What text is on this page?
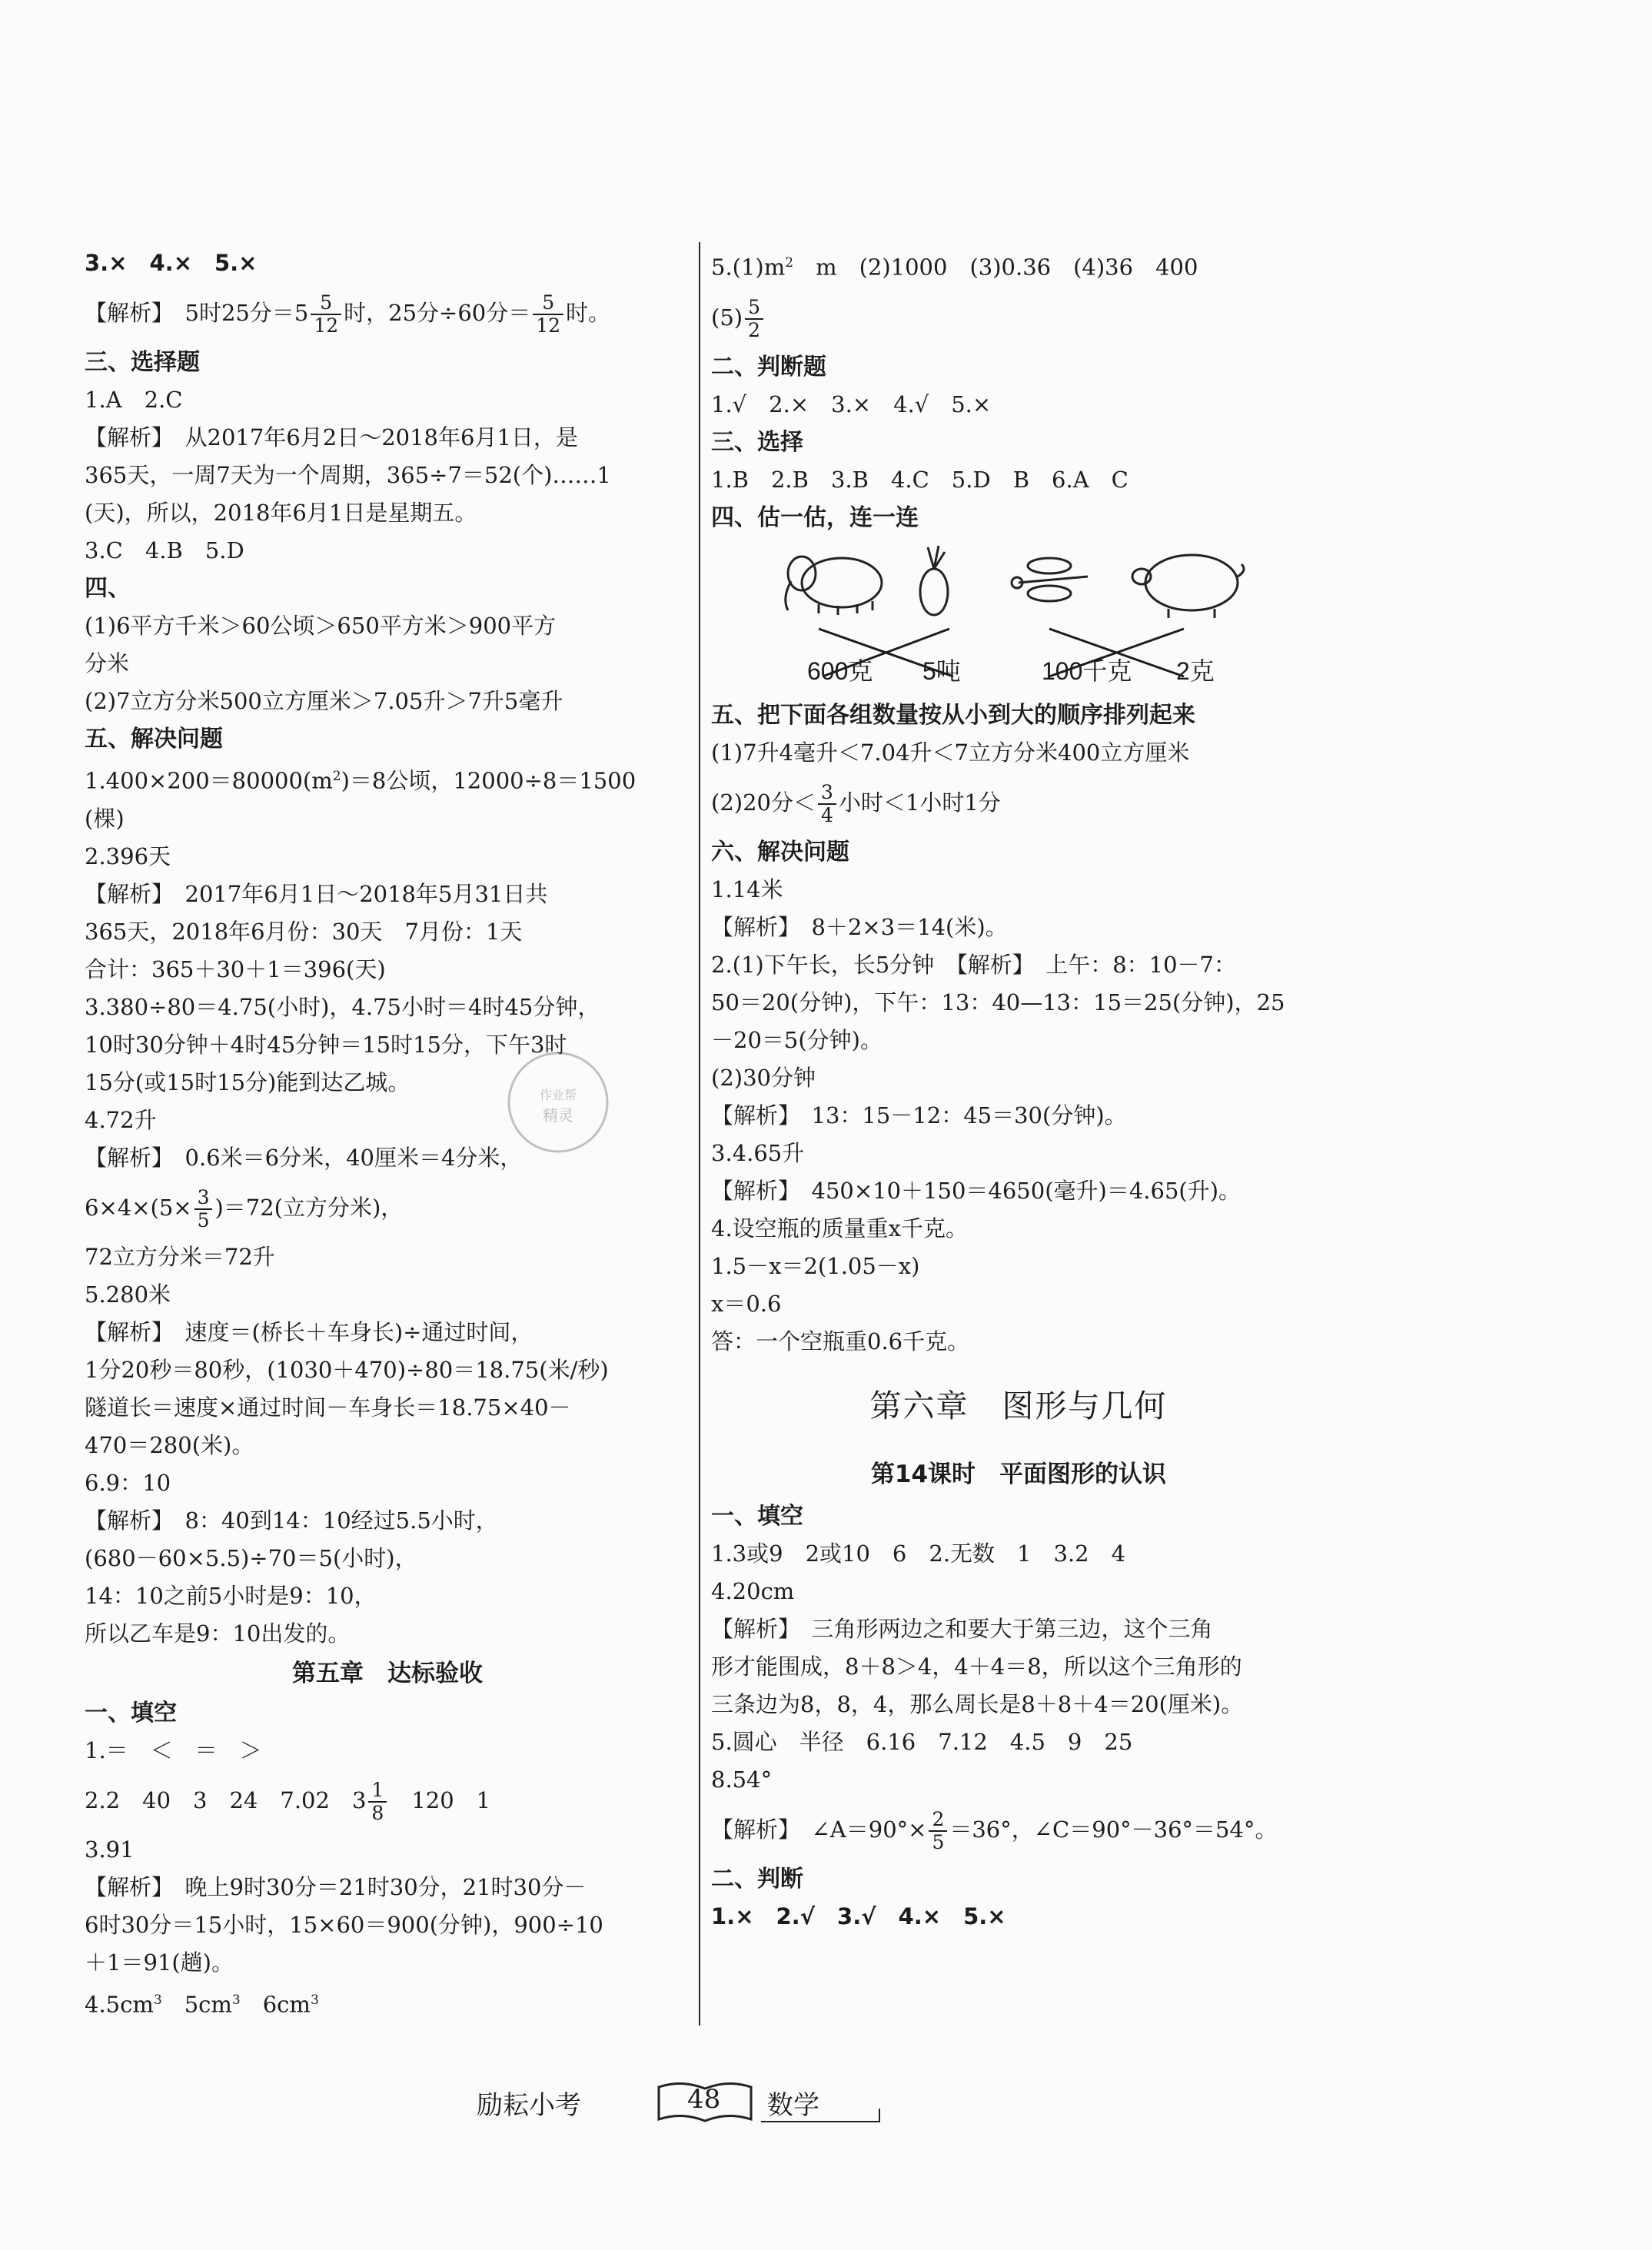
3.×　4.×　5.×
【解析】　5时25分$=5 \frac{5}{12}$ 时，25分÷60分＝ $\frac{5}{12}$ 时。
三、选择题
1.A　2.C
【解析】　从2017年6月2日～2018年6月1日，是
365天，一周7天为一个周期，365÷7＝52(个)……1
(天)，所以，2018年6月1日是星期五。
3.C　4.B　5.D
四、
(1)6平方千米＞60公顷＞650平方米＞900平方
分米
(2)7立方分米500立方厘米＞7.05升＞7升5毫升
五、解决问题
$1.400\times 200=80000(m^2)=8$公顷，12000÷8＝1500
(棵)
2.396天
【解析】　2017年6月1日～2018年5月31日共
365天，2018年6月份：30天　7月份：1天
合计：365＋30＋1＝396(天)
3.380÷80＝4.75(小时)，4.75小时＝4时45分钟，
10时30分钟＋4时45分钟＝15时15分，下午3时
15分(或15时15分)能到达乙城。
4.72升
【解析】　0.6米＝6分米，40厘米＝4分米，
$6\times 4\times(5\times \frac{3}{5} )=72$(立方分米)，
72立方分米＝72升
5.280米
【解析】　速度＝(桥长＋车身长)÷通过时间，
1分20秒＝80秒，(1030＋470)÷80＝18.75(米/秒)
隧道长＝速度×通过时间－车身长＝18.75×40－
470＝280(米)。
6.9：10
【解析】　8：40到14：10经过5.5小时，
(680－60×5.5)÷70＝5(小时)，
14：10之前5小时是9：10，
所以乙车是9：10出发的。
第五章　达标验收
一、填空
1.＝　＜　＝　＞
2.2　40　3　24　7.02　$3 \frac{1}{8}$
　 120　1
3.91
【解析】　晚上9时30分＝21时30分，21时30分－
6时30分＝15小时，15×60＝900(分钟)，900÷10
＋1＝91(趟)。
$4.5cm^3$　$5cm^3$　$6cm^3$
$5.(1)m^2$　m　(2)1000　(3)0.36　(4)36　400
$(5) \frac{5}{2}$
二、判断题
1.√　2.×　3.×　4.√　5.×
三、选择
1.B　2.B　3.B　4.C　5.D　B　6.A　C
四、估一估，连一连
600克 5吨	100千克 2克
五、把下面各组数量按从小到大的顺序排列起来
(1)7升4毫升＜7.04升＜7立方分米400立方厘米
(2)20分＜ $\frac{3}{4}$ 小时＜1小时1分
六、解决问题
1.14米
【解析】　8＋2×3＝14(米)。
2.(1)下午长，长5分钟　【解析】　上午：8：10－7：
50＝20(分钟)，下午：13：40—13：15＝25(分钟)，25
－20＝5(分钟)。
(2)30分钟
【解析】　13：15－12：45＝30(分钟)。
3.4.65升
【解析】　450×10＋150＝4650(毫升)＝4.65(升)。
4.设空瓶的质量重x千克。
1.5－x＝2(1.05－x)
x＝0.6
答：一个空瓶重0.6千克。
第六章　图形与几何
第14课时　平面图形的认识
一、填空
1.3或9　2或10　6　2.无数　1　3.2　4
4.20cm
【解析】　三角形两边之和要大于第三边，这个三角
形才能围成，8＋8＞4，4＋4＝8，所以这个三角形的
三条边为8，8，4，那么周长是8＋8＋4＝20(厘米)。
5.圆心　半径　6.16　7.12　4.5　9　25
8.54°
【解析】　∠A＝90°× $\frac{2}{5} =36^\circ$，∠C＝90°－36°＝54°。
二、判断
1.×　2.√　3.√　4.×　5.×
作业帮
精灵
励耘小考	48 数学
